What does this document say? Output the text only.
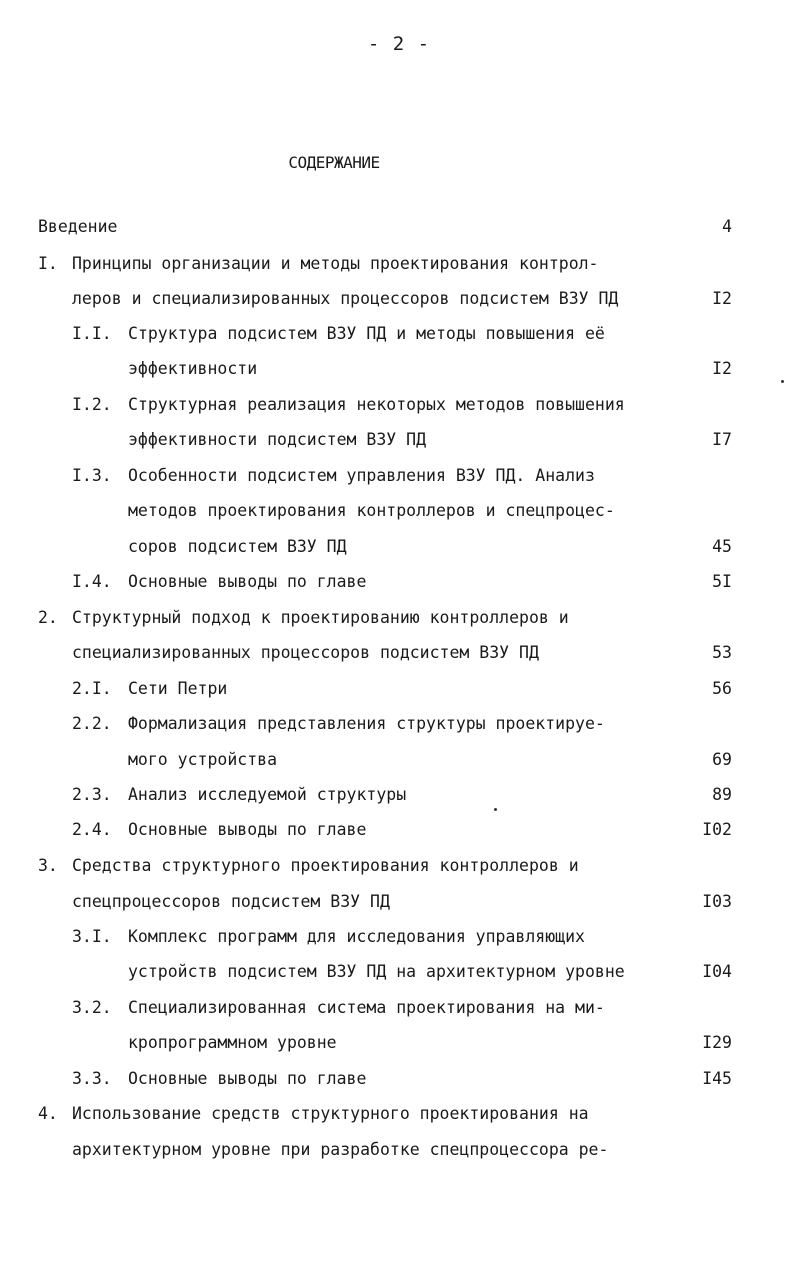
- 2 -
СОДЕРЖАНИЕ
Введение	4
I. Принципы организации и методы проектирования контрол-
леров и специализированных процессоров подсистем ВЗУ ПД	I2
I.I. Структура подсистем ВЗУ ПД и методы повышения её
эффективности	I2
I.2. Структурная реализация некоторых методов повышения
эффективности подсистем ВЗУ ПД	I7
I.3. Особенности подсистем управления ВЗУ ПД. Анализ
методов проектирования контроллеров и спецпроцес-
соров подсистем ВЗУ ПД	45
I.4. Основные выводы по главе	5I
2. Структурный подход к проектированию контроллеров и
специализированных процессоров подсистем ВЗУ ПД	53
2.I. Сети Петри	56
2.2. Формализация представления структуры проектируе-
мого устройства	69
2.3. Анализ исследуемой структуры	89
2.4. Основные выводы по главе	I02
3. Средства структурного проектирования контроллеров и
спецпроцессоров подсистем ВЗУ ПД	I03
3.I. Комплекс программ для исследования управляющих
устройств подсистем ВЗУ ПД на архитектурном уровне	I04
3.2. Специализированная система проектирования на ми-
кропрограммном уровне	I29
3.3. Основные выводы по главе	I45
4. Использование средств структурного проектирования на
архитектурном уровне при разработке спецпроцессора ре-
